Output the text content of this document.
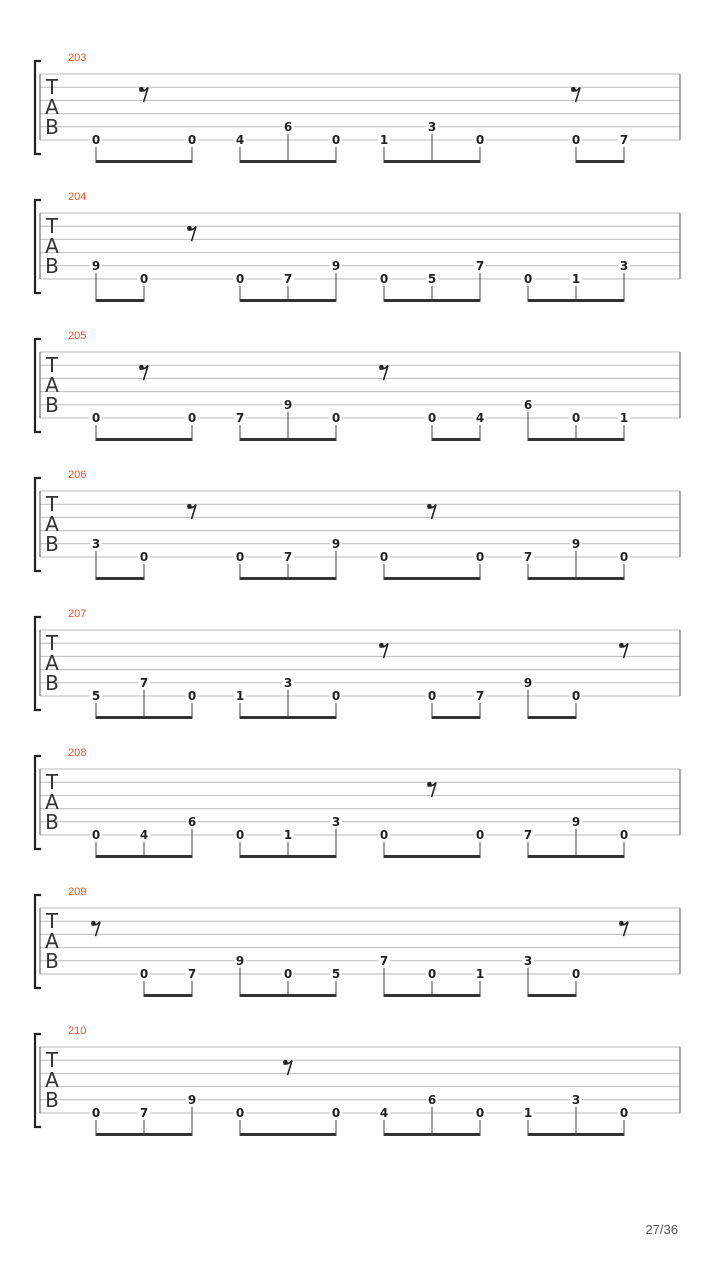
203
T
A
B
0	0	4
6
0	1
3
0	0	7
204
T
A
B	9
0	0	7
9
0	5
7
0	1
3
205
T
A
B
0	0	7
9
0	0	4
6
0	1
206
T
A
B	3
0	0	7
9
0	0	7
9
0
207
T
A
B
5
7
0	1
3
0	0	7
9
0
208
T
A
B
0	4
6
0	1
3
0	0	7
9
0
209
T
A
B
0	7
9
0	5
7
0	1
3
0
210
T
A
B
0	7
9
0	0	4
6
0	1
3
0
27/36
